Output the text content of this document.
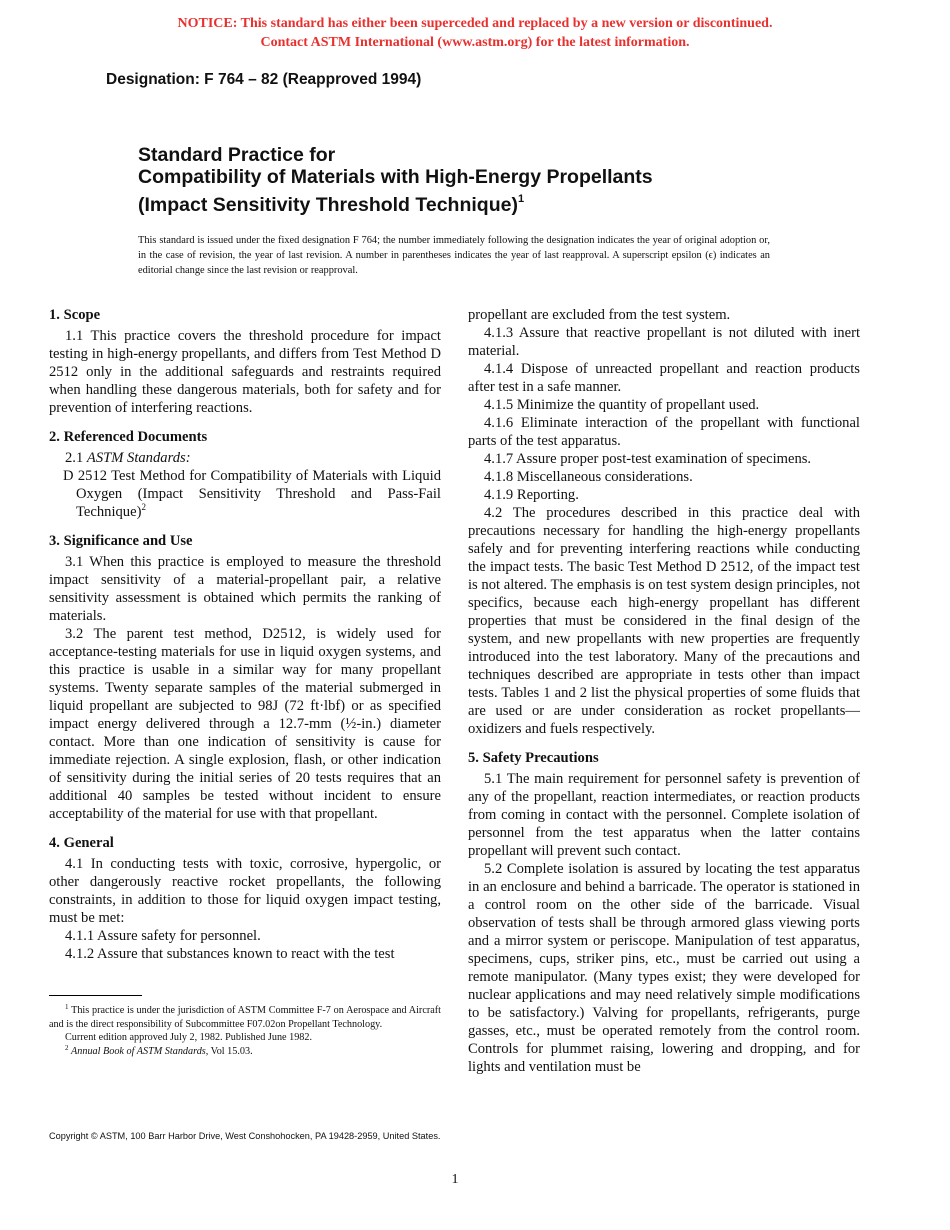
NOTICE: This standard has either been superceded and replaced by a new version or discontinued.
Contact ASTM International (www.astm.org) for the latest information.
Designation: F 764 – 82 (Reapproved 1994)
Standard Practice for
Compatibility of Materials with High-Energy Propellants
(Impact Sensitivity Threshold Technique)$^1$
This standard is issued under the fixed designation F 764; the number immediately following the designation indicates the year of original adoption or, in the case of revision, the year of last revision. A number in parentheses indicates the year of last reapproval. A superscript epsilon (ϵ) indicates an editorial change since the last revision or reapproval.
1. Scope

1.1 This practice covers the threshold procedure for impact testing in high-energy propellants, and differs from Test Method D 2512 only in the additional safeguards and restraints required when handling these dangerous materials, both for safety and for prevention of interfering reactions.

2. Referenced Documents

2.1 ASTM Standards:

D 2512 Test Method for Compatibility of Materials with Liquid Oxygen (Impact Sensitivity Threshold and Pass-Fail Technique)$^2$

3. Significance and Use

3.1 When this practice is employed to measure the threshold impact sensitivity of a material-propellant pair, a relative sensitivity assessment is obtained which permits the ranking of materials.

3.2 The parent test method, D2512, is widely used for acceptance-testing materials for use in liquid oxygen systems, and this practice is usable in a similar way for many propellant systems. Twenty separate samples of the material submerged in liquid propellant are subjected to 98J (72 ft·lbf) or as specified impact energy delivered through a 12.7-mm (½-in.) diameter contact. More than one indication of sensitivity is cause for immediate rejection. A single explosion, flash, or other indication of sensitivity during the initial series of 20 tests requires that an additional 40 samples be tested without incident to ensure acceptability of the material for use with that propellant.

4. General

4.1 In conducting tests with toxic, corrosive, hypergolic, or other dangerously reactive rocket propellants, the following constraints, in addition to those for liquid oxygen impact testing, must be met:

4.1.1 Assure safety for personnel.

4.1.2 Assure that substances known to react with the test

propellant are excluded from the test system.

4.1.3 Assure that reactive propellant is not diluted with inert material.

4.1.4 Dispose of unreacted propellant and reaction products after test in a safe manner.

4.1.5 Minimize the quantity of propellant used.

4.1.6 Eliminate interaction of the propellant with functional parts of the test apparatus.

4.1.7 Assure proper post-test examination of specimens.

4.1.8 Miscellaneous considerations.

4.1.9 Reporting.

4.2 The procedures described in this practice deal with precautions necessary for handling the high-energy propellants safely and for preventing interfering reactions while conducting the impact tests. The basic Test Method D 2512, of the impact test is not altered. The emphasis is on test system design principles, not specifics, because each high-energy propellant has different properties that must be considered in the final design of the system, and new propellants with new properties are frequently introduced into the test laboratory. Many of the precautions and techniques described are appropriate in tests other than impact tests. Tables 1 and 2 list the physical properties of some fluids that are used or are under consideration as rocket propellants—oxidizers and fuels respectively.

5. Safety Precautions

5.1 The main requirement for personnel safety is prevention of any of the propellant, reaction intermediates, or reaction products from coming in contact with the personnel. Complete isolation of personnel from the test apparatus when the latter contains propellant will prevent such contact.

5.2 Complete isolation is assured by locating the test apparatus in an enclosure and behind a barricade. The operator is stationed in a control room on the other side of the barricade. Visual observation of tests shall be through armored glass viewing ports and a mirror system or periscope. Manipulation of test apparatus, specimens, cups, striker pins, etc., must be carried out using a remote manipulator. (Many types exist; they were developed for nuclear applications and may need relatively simple modifications to be satisfactory.) Valving for propellants, refrigerants, purge gasses, etc., must be operated remotely from the control room. Controls for plummet raising, lowering and dropping, and for lights and ventilation must be

$^1$ This practice is under the jurisdiction of ASTM Committee F-7 on Aerospace and Aircraft and is the direct responsibility of Subcommittee F07.02on Propellant Technology.

Current edition approved July 2, 1982. Published June 1982.

$^2$ Annual Book of ASTM Standards, Vol 15.03.

Copyright © ASTM, 100 Barr Harbor Drive, West Conshohocken, PA 19428-2959, United States.
1
